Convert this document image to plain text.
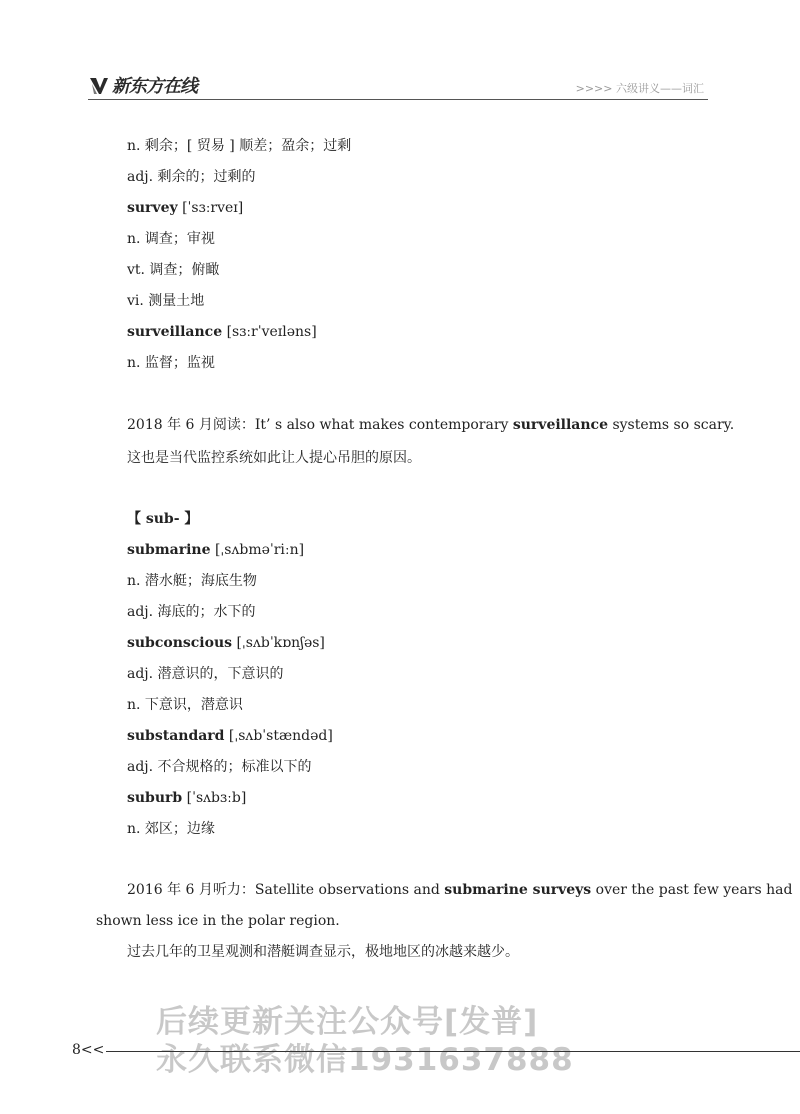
新东方在线	>>>> 六级讲义——词汇
n. 剩余；[ 贸易 ] 顺差；盈余；过剩
adj. 剩余的；过剩的
survey [ˈsɜːrveɪ]
n. 调查；审视
vt. 调查；俯瞰
vi. 测量土地
surveillance [sɜːrˈveɪləns]
n. 监督；监视
2018 年 6 月阅读：It’ s also what makes contemporary surveillance systems so scary.
这也是当代监控系统如此让人提心吊胆的原因。
【 sub- 】
submarine [ˌsʌbməˈriːn]
n. 潜水艇；海底生物
adj. 海底的；水下的
subconscious [ˌsʌbˈkɒnʃəs]
adj. 潜意识的，下意识的
n. 下意识，潜意识
substandard [ˌsʌbˈstændəd]
adj. 不合规格的；标准以下的
suburb [ˈsʌbɜːb]
n. 郊区；边缘
2016 年 6 月听力：Satellite observations and submarine surveys over the past few years had
shown less ice in the polar region.
过去几年的卫星观测和潜艇调查显示，极地地区的冰越来越少。
后续更新关注公众号[发普]
永久联系微信1931637888
8<<
